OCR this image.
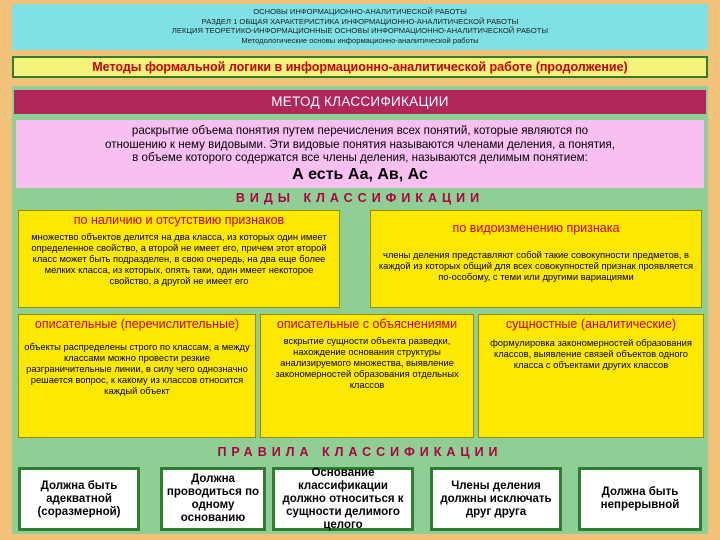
ОСНОВЫ ИНФОРМАЦИОННО-АНАЛИТИЧЕСКОЙ РАБОТЫ
РАЗДЕЛ 1 ОБЩАЯ ХАРАКТЕРИСТИКА ИНФОРМАЦИОННО-АНАЛИТИЧЕСКОЙ РАБОТЫ
ЛЕКЦИЯ ТЕОРЕТИКО-ИНФОРМАЦИОННЫЕ ОСНОВЫ ИНФОРМАЦИОННО-АНАЛИТИЧЕСКОЙ РАБОТЫ
Методологические основы информационно-аналитической работы
Методы формальной логики в информационно-аналитической работе (продолжение)
МЕТОД КЛАССИФИКАЦИИ
раскрытие объема понятия путем перечисления всех понятий, которые являются по
отношению к нему видовыми. Эти видовые понятия называются членами деления, а понятия,
в объеме которого содержатся все члены деления, называются делимым понятием:
А есть Аа, Ав, Ас
ВИДЫ КЛАССИФИКАЦИИ
по наличию и отсутствию признаков
множество объектов делится на два класса, из которых один имеет определенное свойство, а второй не имеет его, причем этот второй класс может быть подразделен, в свою очередь, на два еще более мелких класса, из которых, опять таки, один имеет некоторое свойство, а другой не имеет его
по видоизменению признака
члены деления представляют собой такие совокупности предметов, в каждой из которых общий для всех совокупностей признак проявляется по-особому, с теми или другими вариациями
описательные (перечислительные)
объекты распределены строго по классам, а между классами можно провести резкие разграничительные линии, в силу чего однозначно решается вопрос, к какому из классов относится каждый объект
описательные с объяснениями
вскрытие сущности объекта разведки, нахождение основания структуры анализируемого множества, выявление закономерностей образования отдельных классов
сущностные (аналитические)
формулировка закономерностей образования классов, выявление связей объектов одного класса с объектами других классов
ПРАВИЛА КЛАССИФИКАЦИИ
Должна быть адекватной (соразмерной)
Должна проводиться по одному основанию
Основание классификации должно относиться к сущности делимого целого
Члены деления должны исключать друг друга
Должна быть непрерывной
